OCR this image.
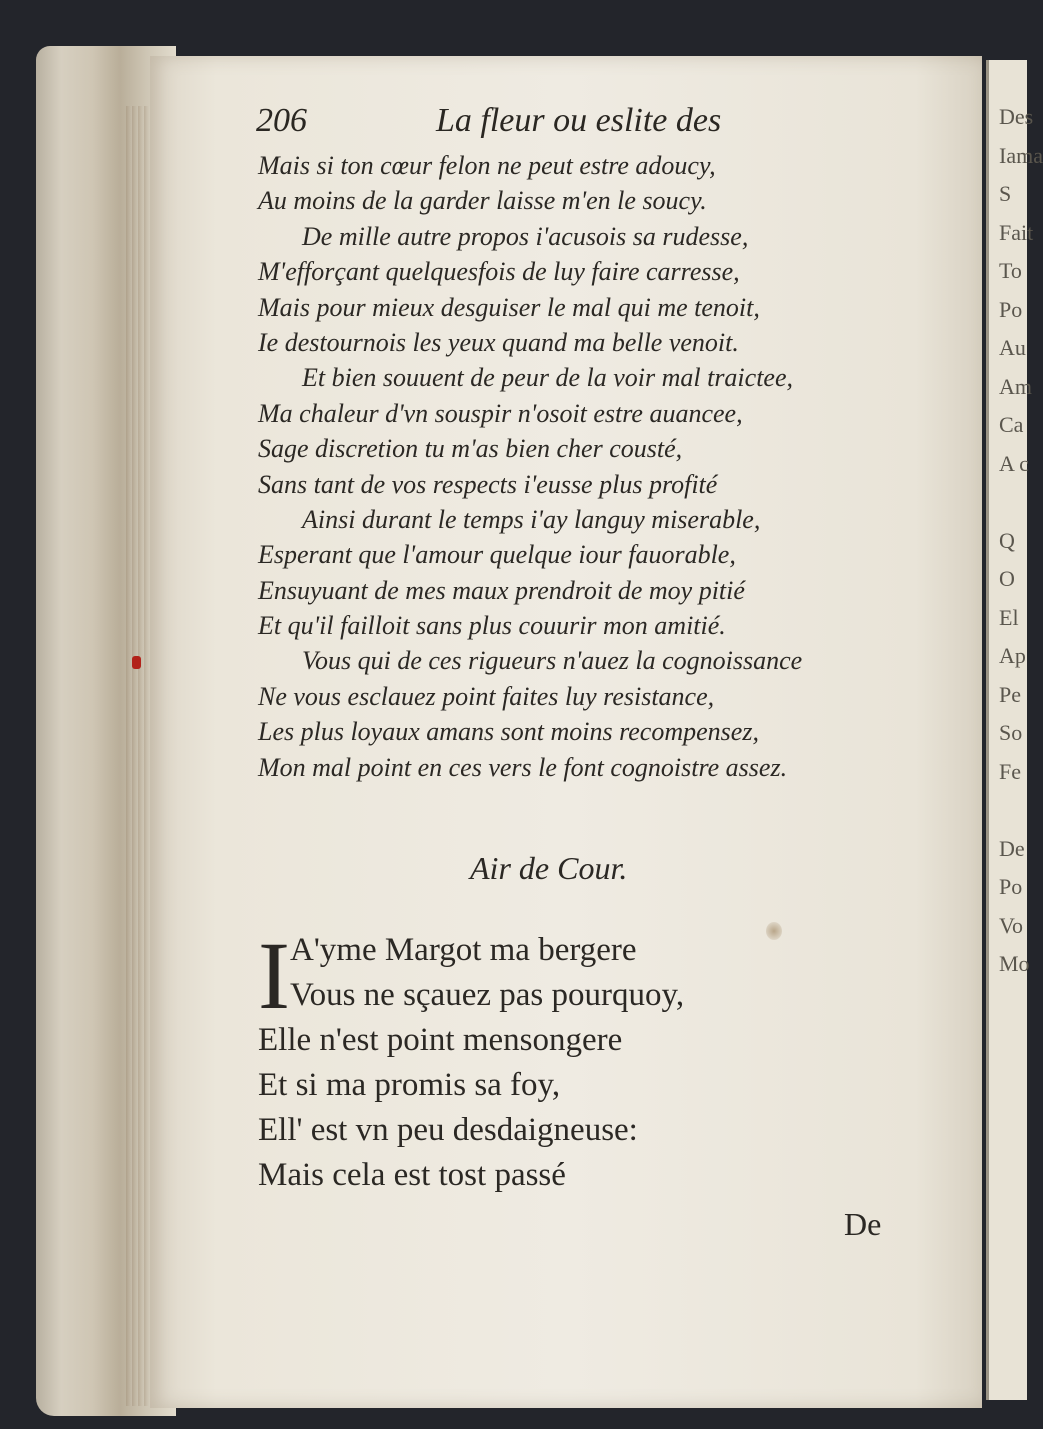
Des
Iama
S
Fait
To
Po
Au
Am
Ca
A c
Q
O
El
Ap
Pe
So
Fe
De
Po
Vo
Mo
206	La fleur ou eslite des
Mais si ton cœur felon ne peut estre adoucy,
Au moins de la garder laisse m'en le soucy.
De mille autre propos i'acusois sa rudesse,
M'efforçant quelquesfois de luy faire carresse,
Mais pour mieux desguiser le mal qui me tenoit,
Ie destournois les yeux quand ma belle venoit.
Et bien souuent de peur de la voir mal traictee,
Ma chaleur d'vn souspir n'osoit estre auancee,
Sage discretion tu m'as bien cher cousté,
Sans tant de vos respects i'eusse plus profité
Ainsi durant le temps i'ay languy miserable,
Esperant que l'amour quelque iour fauorable,
Ensuyuant de mes maux prendroit de moy pitié
Et qu'il failloit sans plus couurir mon amitié.
Vous qui de ces rigueurs n'auez la cognoissance
Ne vous esclauez point faites luy resistance,
Les plus loyaux amans sont moins recompensez,
Mon mal point en ces vers le font cognoistre assez.
Air de Cour.
I A'yme Margot ma bergere
Vous ne sçauez pas pourquoy,
Elle n'est point mensongere
Et si ma promis sa foy,
Ell' est vn peu desdaigneuse:
Mais cela est tost passé
De
